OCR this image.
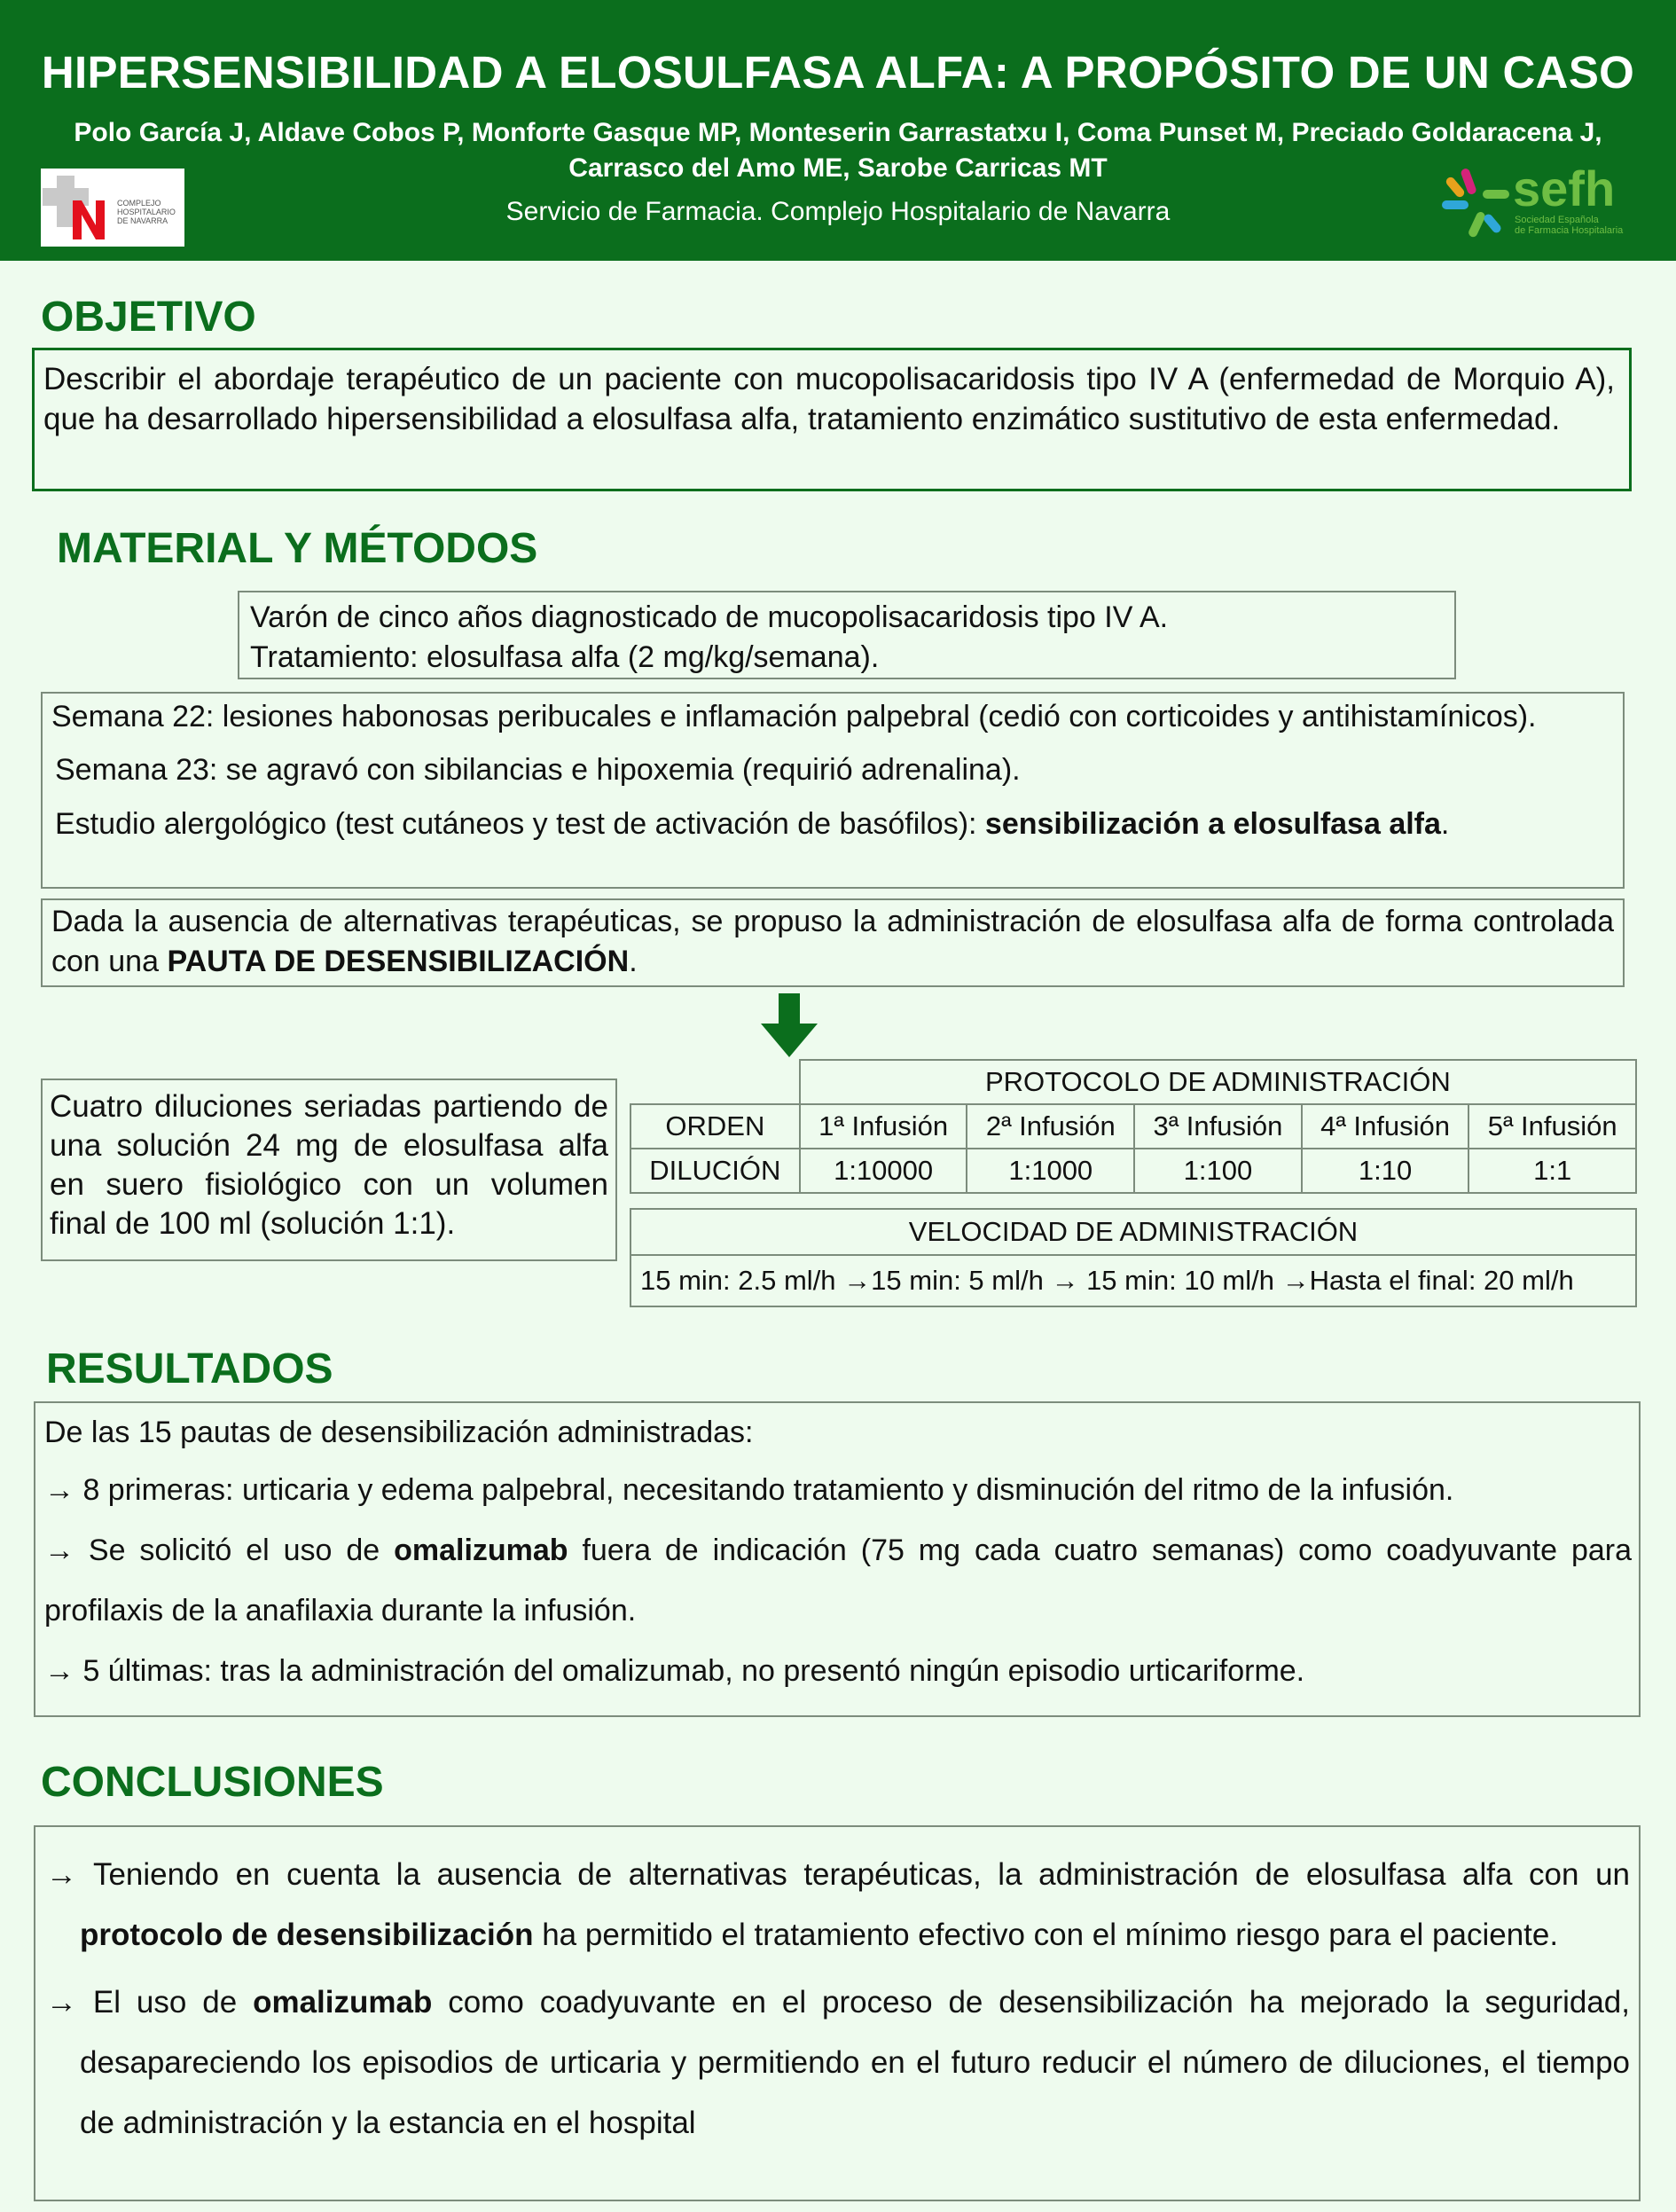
HIPERSENSIBILIDAD A ELOSULFASA ALFA: A PROPÓSITO DE UN CASO
Polo García J, Aldave Cobos P, Monforte Gasque MP, Monteserin Garrastatxu I, Coma Punset M, Preciado Goldaracena J, Carrasco del Amo ME, Sarobe Carricas MT
Servicio de Farmacia. Complejo Hospitalario de Navarra
COMPLEJO
HOSPITALARIO
DE NAVARRA
sefh
Sociedad Española
de Farmacia Hospitalaria
OBJETIVO
Describir el abordaje terapéutico de un paciente con mucopolisacaridosis tipo IV A (enfermedad de Morquio A), que ha desarrollado hipersensibilidad a elosulfasa alfa, tratamiento enzimático sustitutivo de esta enfermedad.
MATERIAL Y MÉTODOS
Varón de cinco años diagnosticado de mucopolisacaridosis tipo IV A.
Tratamiento: elosulfasa alfa (2 mg/kg/semana).
Semana 22: lesiones habonosas peribucales e inflamación palpebral (cedió con corticoides y antihistamínicos).
Semana 23: se agravó con sibilancias e hipoxemia (requirió adrenalina).
Estudio alergológico (test cutáneos y test de activación de basófilos): sensibilización a elosulfasa alfa.
Dada la ausencia de alternativas terapéuticas, se propuso la administración de elosulfasa alfa de forma controlada con una PAUTA DE DESENSIBILIZACIÓN.
Cuatro diluciones seriadas partiendo de una solución 24 mg de elosulfasa alfa en suero fisiológico con un volumen final de 100 ml (solución 1:1).
	PROTOCOLO DE ADMINISTRACIÓN				
ORDEN	1ª Infusión	2ª Infusión	3ª Infusión	4ª Infusión	5ª Infusión
DILUCIÓN	1:10000	1:1000	1:100	1:10	1:1
VELOCIDAD DE ADMINISTRACIÓN
15 min: 2.5 ml/h →15 min: 5 ml/h → 15 min: 10 ml/h →Hasta el final: 20 ml/h
RESULTADOS
De las 15 pautas de desensibilización administradas:
→ 8 primeras: urticaria y edema palpebral, necesitando tratamiento y disminución del ritmo de la infusión.
→ Se solicitó el uso de omalizumab fuera de indicación (75 mg cada cuatro semanas) como coadyuvante para profilaxis de la anafilaxia durante la infusión.
→ 5 últimas: tras la administración del omalizumab, no presentó ningún episodio urticariforme.
CONCLUSIONES
→ Teniendo en cuenta la ausencia de alternativas terapéuticas, la administración de elosulfasa alfa con un protocolo de desensibilización ha permitido el tratamiento efectivo con el mínimo riesgo para el paciente.
→ El uso de omalizumab como coadyuvante en el proceso de desensibilización ha mejorado la seguridad, desapareciendo los episodios de urticaria y permitiendo en el futuro reducir el número de diluciones, el tiempo de administración y la estancia en el hospital
